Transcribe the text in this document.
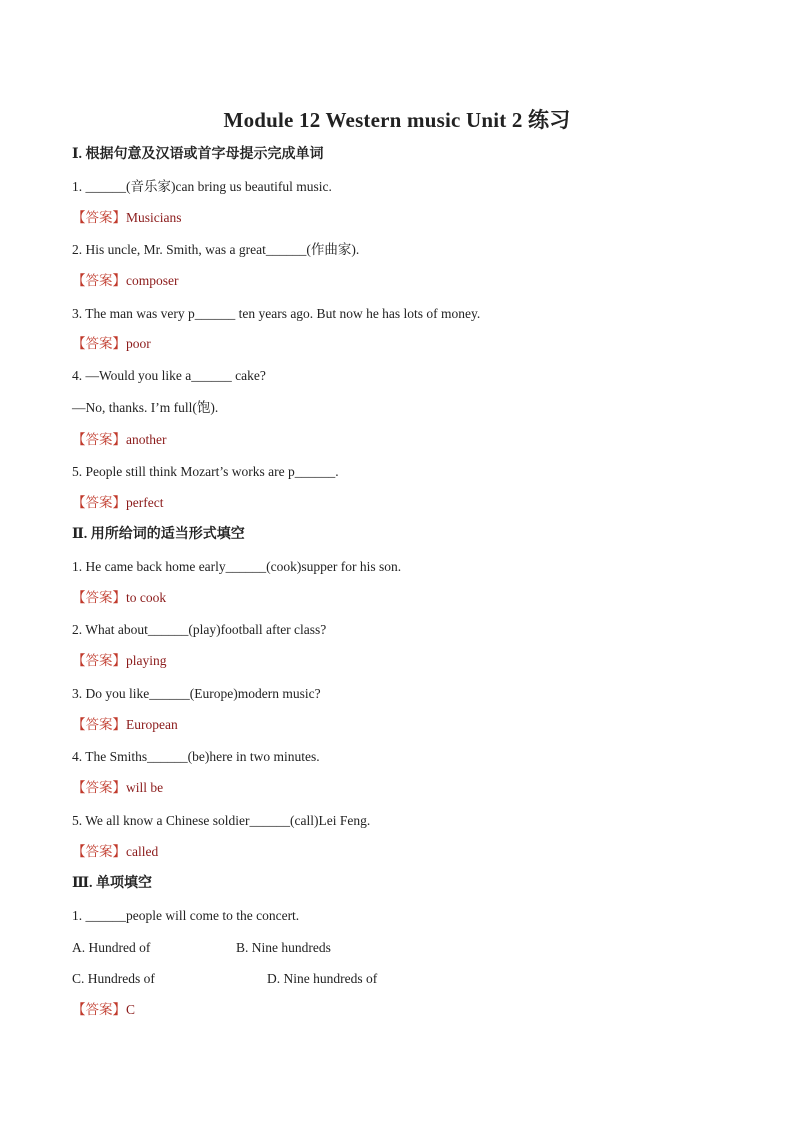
Module 12 Western music Unit 2 练习
Ⅰ. 根据句意及汉语或首字母提示完成单词
1. ______(音乐家)can bring us beautiful music.
【答案】Musicians
2. His uncle, Mr. Smith, was a great______(作曲家).
【答案】composer
3. The man was very p______ ten years ago. But now he has lots of money.
【答案】poor
4. —Would you like a______ cake?
—No, thanks. I’m full(饱).
【答案】another
5. People still think Mozart’s works are p______.
【答案】perfect
Ⅱ. 用所给词的适当形式填空
1. He came back home early______(cook)supper for his son.
【答案】to cook
2. What about______(play)football after class?
【答案】playing
3. Do you like______(Europe)modern music?
【答案】European
4. The Smiths______(be)here in two minutes.
【答案】will be
5. We all know a Chinese soldier______(call)Lei Feng.
【答案】called
Ⅲ. 单项填空
1. ______people will come to the concert.
A. Hundred of	B. Nine hundreds
C. Hundreds of	D. Nine hundreds of
【答案】C
